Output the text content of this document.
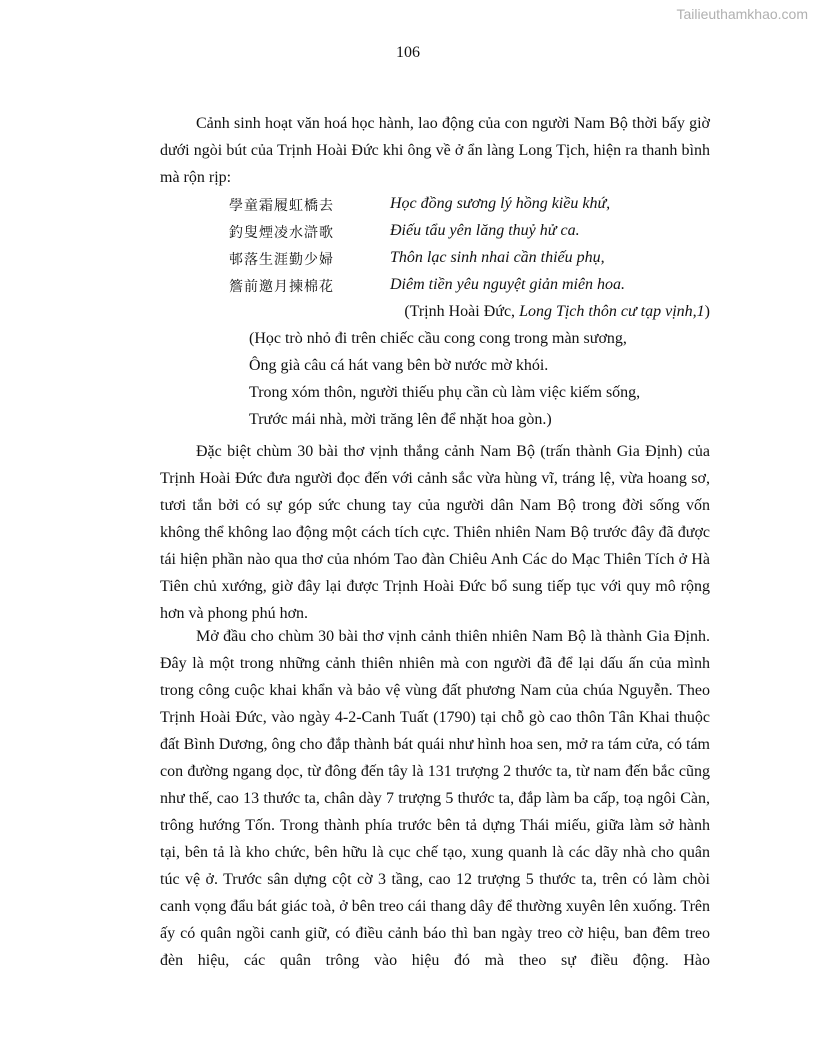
Tailieuthamkhao.com
106

Cảnh sinh hoạt văn hoá học hành, lao động của con người Nam Bộ thời bấy giờ dưới ngòi bút của Trịnh Hoài Đức khi ông về ở ẩn làng Long Tịch, hiện ra thanh bình mà rộn rịp:

學童霜履虹橋去	Học đồng sương lý hồng kiều khứ,
釣叟煙凌水滸歌	Điếu tẩu yên lăng thuỷ hử ca.
邨落生涯勤少婦	Thôn lạc sinh nhai cần thiếu phụ,
簷前邀月揀棉花	Diêm tiền yêu nguyệt giản miên hoa.
(Trịnh Hoài Đức, Long Tịch thôn cư tạp vịnh,1)
(Học trò nhỏ đi trên chiếc cầu cong cong trong màn sương,
Ông già câu cá hát vang bên bờ nước mờ khói.
Trong xóm thôn, người thiếu phụ cần cù làm việc kiếm sống,
Trước mái nhà, mời trăng lên để nhặt hoa gòn.)

Đặc biệt chùm 30 bài thơ vịnh thắng cảnh Nam Bộ (trấn thành Gia Định) của Trịnh Hoài Đức đưa người đọc đến với cảnh sắc vừa hùng vĩ, tráng lệ, vừa hoang sơ, tươi tắn bởi có sự góp sức chung tay của người dân Nam Bộ trong đời sống vốn không thể không lao động một cách tích cực. Thiên nhiên Nam Bộ trước đây đã được tái hiện phần nào qua thơ của nhóm Tao đàn Chiêu Anh Các do Mạc Thiên Tích ở Hà Tiên chủ xướng, giờ đây lại được Trịnh Hoài Đức bổ sung tiếp tục với quy mô rộng hơn và phong phú hơn.

Mở đầu cho chùm 30 bài thơ vịnh cảnh thiên nhiên Nam Bộ là thành Gia Định. Đây là một trong những cảnh thiên nhiên mà con người đã để lại dấu ấn của mình trong công cuộc khai khẩn và bảo vệ vùng đất phương Nam của chúa Nguyễn. Theo Trịnh Hoài Đức, vào ngày 4-2-Canh Tuất (1790) tại chỗ gò cao thôn Tân Khai thuộc đất Bình Dương, ông cho đắp thành bát quái như hình hoa sen, mở ra tám cửa, có tám con đường ngang dọc, từ đông đến tây là 131 trượng 2 thước ta, từ nam đến bắc cũng như thế, cao 13 thước ta, chân dày 7 trượng 5 thước ta, đắp làm ba cấp, toạ ngôi Càn, trông hướng Tốn. Trong thành phía trước bên tả dựng Thái miếu, giữa làm sở hành tại, bên tả là kho chức, bên hữu là cục chế tạo, xung quanh là các dãy nhà cho quân túc vệ ở. Trước sân dựng cột cờ 3 tầng, cao 12 trượng 5 thước ta, trên có làm chòi canh vọng đẩu bát giác toà, ở bên treo cái thang dây để thường xuyên lên xuống. Trên ấy có quân ngồi canh giữ, có điều cảnh báo thì ban ngày treo cờ hiệu, ban đêm treo đèn hiệu, các quân trông vào hiệu đó mà theo sự điều động. Hào
